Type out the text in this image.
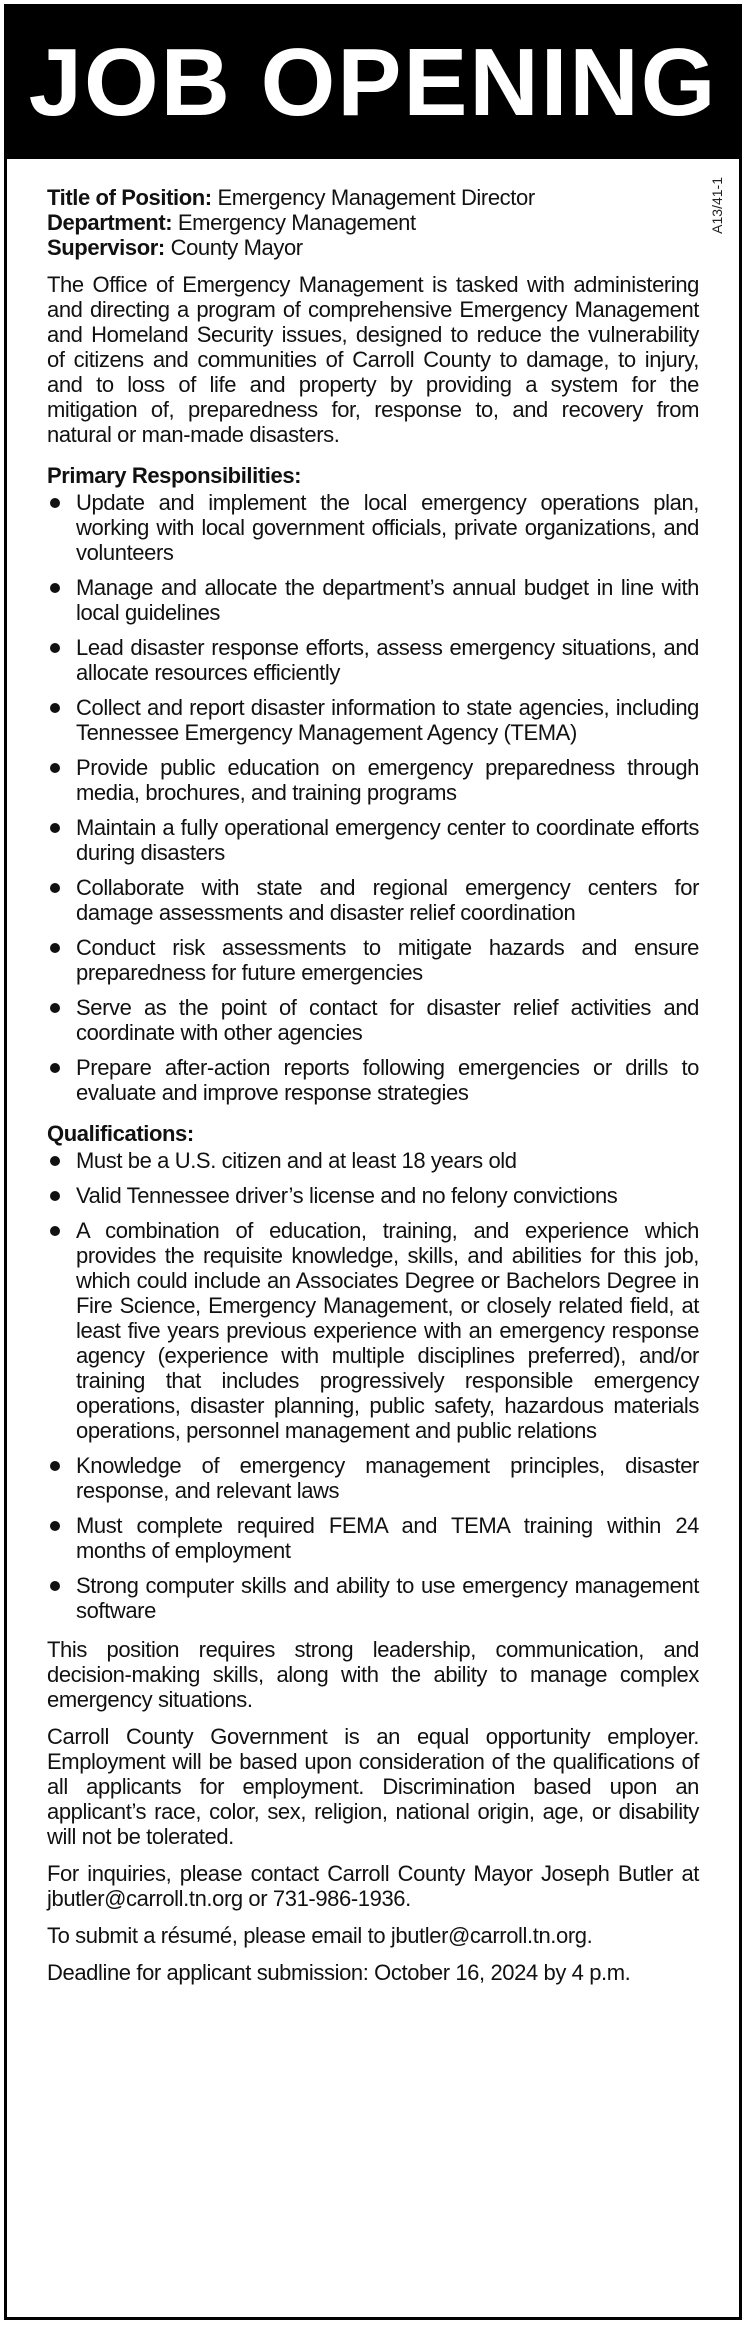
JOB OPENING
A13/41-1

Title of Position: Emergency Management Director

Department: Emergency Management

Supervisor: County Mayor

The Office of Emergency Management is tasked with administering and directing a program of comprehensive Emergency Management and Homeland Security issues, designed to reduce the vulnerability of citizens and communities of Carroll County to damage, to injury, and to loss of life and property by providing a system for the mitigation of, preparedness for, response to, and recovery from natural or man-made disasters.

Primary Responsibilities:

Update and implement the local emergency operations plan, working with local government officials, private organizations, and volunteers
Manage and allocate the department’s annual budget in line with local guidelines
Lead disaster response efforts, assess emergency situations, and allocate resources efficiently
Collect and report disaster information to state agencies, including Tennessee Emergency Management Agency (TEMA)
Provide public education on emergency preparedness through media, brochures, and training programs
Maintain a fully operational emergency center to coordinate efforts during disasters
Collaborate with state and regional emergency centers for damage assessments and disaster relief coordination
Conduct risk assessments to mitigate hazards and ensure preparedness for future emergencies
Serve as the point of contact for disaster relief activities and coordinate with other agencies
Prepare after-action reports following emergencies or drills to evaluate and improve response strategies

Qualifications:

Must be a U.S. citizen and at least 18 years old
Valid Tennessee driver’s license and no felony convictions
A combination of education, training, and experience which provides the requisite knowledge, skills, and abilities for this job, which could include an Associates Degree or Bachelors Degree in Fire Science, Emergency Management, or closely related field, at least five years previous experience with an emergency response agency (experience with multiple disciplines preferred), and/or training that includes progressively responsible emergency operations, disaster planning, public safety, hazardous materials operations, personnel management and public relations
Knowledge of emergency management principles, disaster response, and relevant laws
Must complete required FEMA and TEMA training within 24 months of employment
Strong computer skills and ability to use emergency management software

This position requires strong leadership, communication, and decision-making skills, along with the ability to manage complex emergency situations.

Carroll County Government is an equal opportunity employer. Employment will be based upon consideration of the qualifications of all applicants for employment. Discrimination based upon an applicant’s race, color, sex, religion, national origin, age, or disability will not be tolerated.

For inquiries, please contact Carroll County Mayor Joseph Butler at jbutler@carroll.tn.org or 731-986-1936.

To submit a résumé, please email to jbutler@carroll.tn.org.

Deadline for applicant submission: October 16, 2024 by 4 p.m.
